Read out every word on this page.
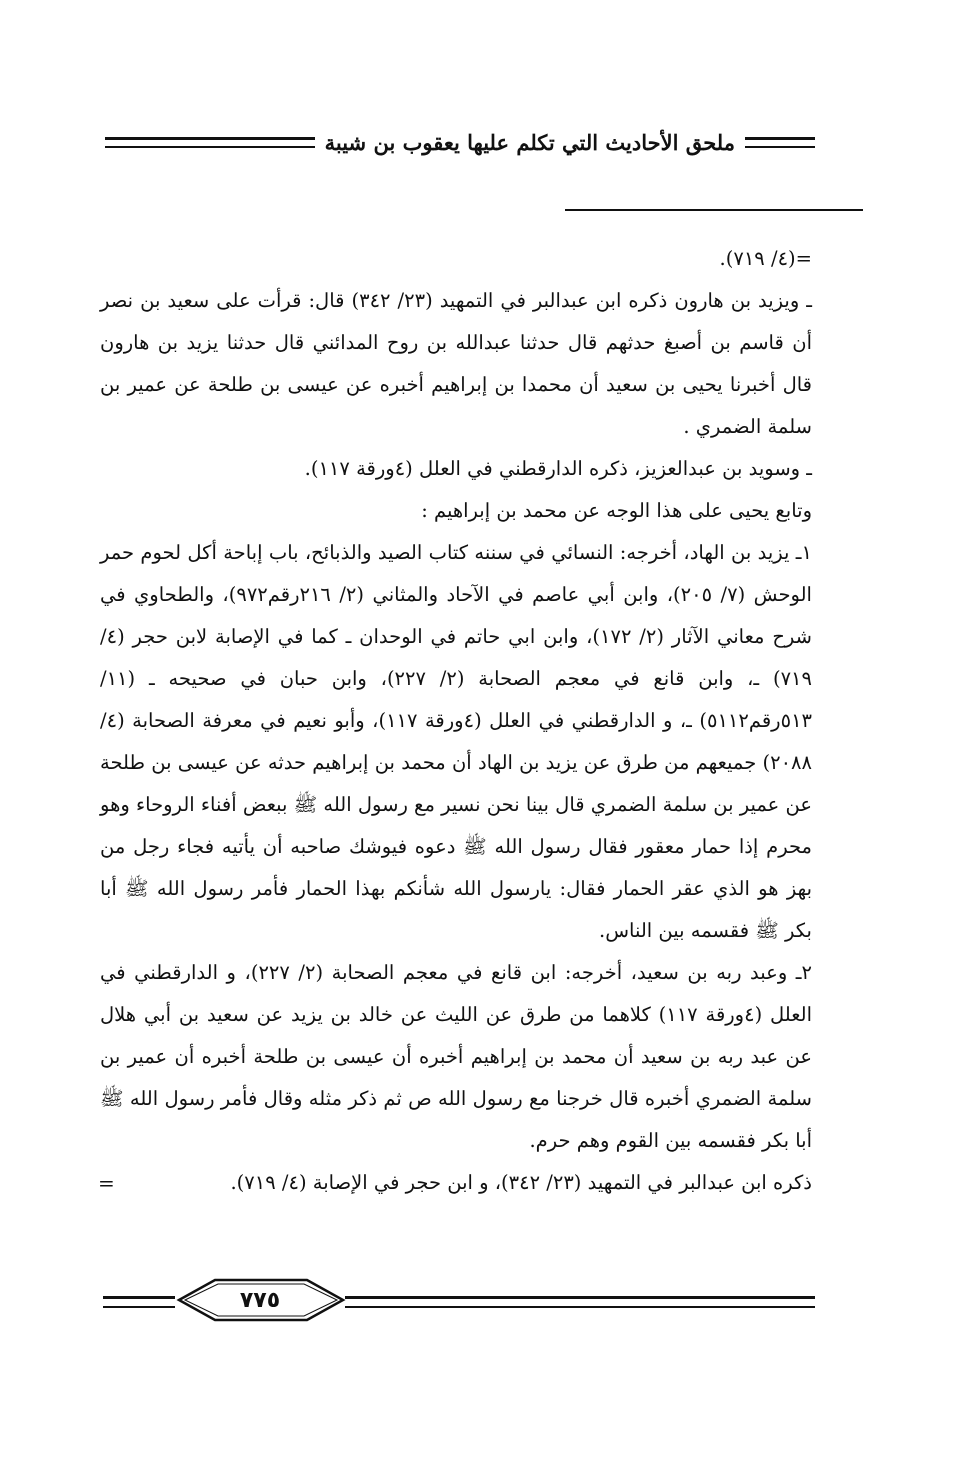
ملحق الأحاديث التي تكلم عليها يعقوب بن شيبة

=(٤/ ٧١٩).

ـ ويزيد بن هارون ذكره ابن عبدالبر في التمهيد (٢٣/ ٣٤٢) قال: قرأت على سعيد بن نصر أن قاسم بن أصبغ حدثهم قال حدثنا عبدالله بن روح المدائني قال حدثنا يزيد بن هارون قال أخبرنا يحيى بن سعيد أن محمدا بن إبراهيم أخبره عن عيسى بن طلحة عن عمير بن سلمة الضمري .

ـ وسويد بن عبدالعزيز، ذكره الدارقطني في العلل (٤ورقة ١١٧).

وتابع يحيى على هذا الوجه عن محمد بن إبراهيم :

١ـ يزيد بن الهاد، أخرجه: النسائي في سننه كتاب الصيد والذبائح، باب إباحة أكل لحوم حمر الوحش (٧/ ٢٠٥)، وابن أبي عاصم في الآحاد والمثاني (٢/ ٢١٦رقم٩٧٢)، والطحاوي في شرح معاني الآثار (٢/ ١٧٢)، وابن ابي حاتم في الوحدان ـ كما في الإصابة لابن حجر (٤/ ٧١٩) ـ، وابن قانع في معجم الصحابة (٢/ ٢٢٧)، وابن حبان في صحيحه ـ (١١/ ٥١٣رقم٥١١٢) ـ، و الدارقطني في العلل (٤ورقة ١١٧)، وأبو نعيم في معرفة الصحابة (٤/ ٢٠٨٨) جميعهم من طرق عن يزيد بن الهاد أن محمد بن إبراهيم حدثه عن عيسى بن طلحة عن عمير بن سلمة الضمري قال بينا نحن نسير مع رسول الله ﷺ ببعض أفناء الروحاء وهو محرم إذا حمار معقور فقال رسول الله ﷺ دعوه فيوشك صاحبه أن يأتيه فجاء رجل من بهز هو الذي عقر الحمار فقال: يارسول الله شأنكم بهذا الحمار فأمر رسول الله ﷺ أبا بكر ﷺ فقسمه بين الناس.

٢ـ وعبد ربه بن سعيد، أخرجه: ابن قانع في معجم الصحابة (٢/ ٢٢٧)، و الدارقطني في العلل (٤ورقة ١١٧) كلاهما من طرق عن الليث عن خالد بن يزيد عن سعيد بن أبي هلال عن عبد ربه بن سعيد أن محمد بن إبراهيم أخبره أن عيسى بن طلحة أخبره أن عمير بن سلمة الضمري أخبره قال خرجنا مع رسول الله ص ثم ذكر مثله وقال فأمر رسول الله ﷺ أبا بكر فقسمه بين القوم وهم حرم.

ذكره ابن عبدالبر في التمهيد (٢٣/ ٣٤٢)، و ابن حجر في الإصابة (٤/ ٧١٩).
=
٧٧٥
